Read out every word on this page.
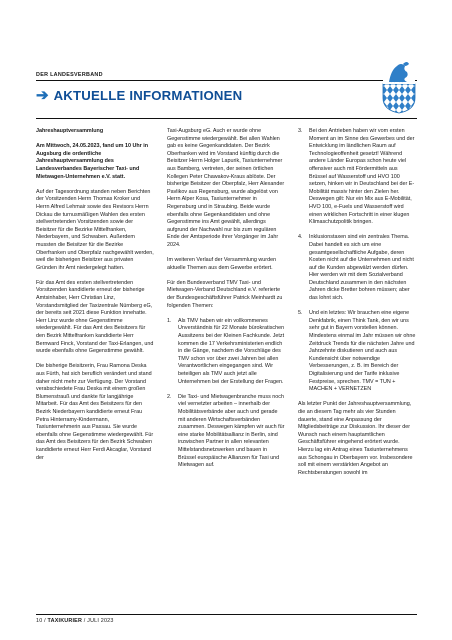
DER LANDESVERBAND
➔ AKTUELLE INFORMATIONEN

Jahreshauptversammlung

Am Mittwoch, 24.05.2023, fand um 10 Uhr in Augsburg die ordentliche Jahreshauptversammlung des Landesverbandes Bayerischer Taxi- und Mietwagen-Unternehmen e.V. statt.

Auf der Tagesordnung standen neben Berichten der Vorsitzenden Herrn Thomas Kroker und Herrn Alfred Lehmair sowie des Revisors Herrn Dickau die turnusmäßigen Wahlen des ersten stellvertretenden Vorsitzenden sowie der Beisitzer für die Bezirke Mittelfranken, Niederbayern, und Schwaben. Außerdem mussten die Beisitzer für die Bezirke Oberfranken und Oberpfalz nachgewählt werden, weil die bisherigen Beisitzer aus privaten Gründen ihr Amt niedergelegt hatten.

Für das Amt des ersten stellvertretenden Vorsitzenden kandidierte erneut der bisherige Amtsinhaber, Herr Christian Linz, Vorstandsmitglied der Taxizentrale Nürnberg eG, der bereits seit 2021 diese Funktion innehatte. Herr Linz wurde ohne Gegenstimme wiedergewählt. Für das Amt des Beisitzers für den Bezirk Mittelfranken kandidierte Herr Bernward Finck, Vorstand der Taxi-Erlangen, und wurde ebenfalls ohne Gegenstimme gewählt.

Die bisherige Beisitzerin, Frau Ramona Deska aus Fürth, hat sich beruflich verändert und stand daher nicht mehr zur Verfügung. Der Vorstand verabschiedete Frau Deska mit einem großen Blumenstrauß und dankte für langjährige Mitarbeit. Für das Amt des Beisitzers für den Bezirk Niederbayern kandidierte erneut Frau Petra Hinterramy-Kindermann, Taxiunternehmerin aus Passau. Sie wurde ebenfalls ohne Gegenstimme wiedergewählt. Für das Amt des Beisitzers für den Bezirk Schwaben kandidierte erneut Herr Ferdi Akcaglar, Vorstand der

Taxi-Augsburg eG. Auch er wurde ohne Gegenstimme wiedergewählt. Bei allen Wahlen gab es keine Gegenkandidaten. Der Bezirk Oberfranken wird im Vorstand künftig durch die Beisitzer Herrn Holger Lapurik, Taxiunternehmer aus Bamberg, vertreten, der seinen örtlichen Kollegen Peter Chawakov-Kraus ablöste. Der bisherige Beisitzer der Oberpfalz, Herr Alexander Pavlikov aus Regensburg, wurde abgelöst von Herrn Alper Kosa, Taxiunternehmer in Regensburg und in Straubing. Beide wurde ebenfalls ohne Gegenkandidaten und ohne Gegenstimme ins Amt gewählt, allerdings aufgrund der Nachwahl nur bis zum regulären Ende der Amtsperiode ihrer Vorgänger im Jahr 2024.

Im weiteren Verlauf der Versammlung wurden aktuelle Themen aus dem Gewerbe erörtert.

Für den Bundesverband TMV Taxi- und Mietwagen-Verband Deutschland e.V. referierte der Bundesgeschäftsführer Patrick Meinhardt zu folgenden Themen:

1.	Als TMV haben wir ein vollkommenes Unverständnis für 22 Monate bürokratischen Aussitzens bei der Kleinen Fachkunde. Jetzt kommen die 17 Verkehrsministerien endlich in die Gänge, nachdem die Vorschläge des TMV schon vor über zwei Jahren bei allen Verantwortlichen eingegangen sind. Wir beteiligen als TMV auch jetzt alle Unternehmen bei der Erstellung der Fragen.
2.	Die Taxi- und Mietwagenbranche muss noch viel vernetzter arbeiten – innerhalb der Mobilitätsverbände aber auch und gerade mit anderen Wirtschaftsverbänden zusammen. Deswegen kämpfen wir auch für eine starke Mobilitätsallianz in Berlin, sind inzwischen Partner in allen relevanten Mittelstandsnetzwerken und bauen in Brüssel europäische Allianzen für Taxi und Mietwagen auf.
3.	Bei den Antrieben haben wir vom ersten Moment an im Sinne des Gewerbes und der Entwicklung im ländlichen Raum auf Technologieoffenheit gesetzt! Während andere Länder Europas schon heute viel offensiver auch mit Fördermitteln aus Brüssel auf Wasserstoff und HVO 100 setzen, hinken wir in Deutschland bei der E-Mobilität massiv hinter den Zielen her. Deswegen gilt: Nur ein Mix aus E-Mobilität, HVO 100, e-Fuels und Wasserstoff wird einen wirklichen Fortschritt in einer klugen Klimaschutzpolitik bringen.
4.	Inklusionstaxen sind ein zentrales Thema. Dabei handelt es sich um eine gesamtgesellschaftliche Aufgabe, deren Kosten nicht auf die Unternehmen und nicht auf die Kunden abgewälzt werden dürfen. Hier werden wir mit dem Sozialverband Deutschland zusammen in den nächsten Jahren dicke Bretter bohren müssen; aber das lohnt sich.
5.	Und ein letztes: Wir brauchen eine eigene Denkfabrik, einen Think Tank, den wir uns sehr gut in Bayern vorstellen können. Mindestens einmal im Jahr müssen wir ohne Zeitdruck Trends für die nächsten Jahre und Jahrzehnte diskutieren und auch aus Kundensicht über notwendige Verbesserungen, z. B. im Bereich der Digitalisierung und der Tarife inklusive Festpreise, sprechen. TMV = TUN + MACHEN + VERNETZEN

Als letzter Punkt der Jahreshauptversammlung, die an diesem Tag mehr als vier Stunden dauerte, stand eine Anpassung der Mitgliedsbeiträge zur Diskussion. Ihr dieser der Wunsch nach einem hauptamtlichen Geschäftsführer eingehend erörtert wurde. Hierzu lag ein Antrag eines Taxiunternehmens aus Schongau in Oberbayern vor. Insbesondere soll mit einem verstärkten Angebot an Rechtsberatungen sowohl im

10 / TAXIKURIER / JULI 2023
